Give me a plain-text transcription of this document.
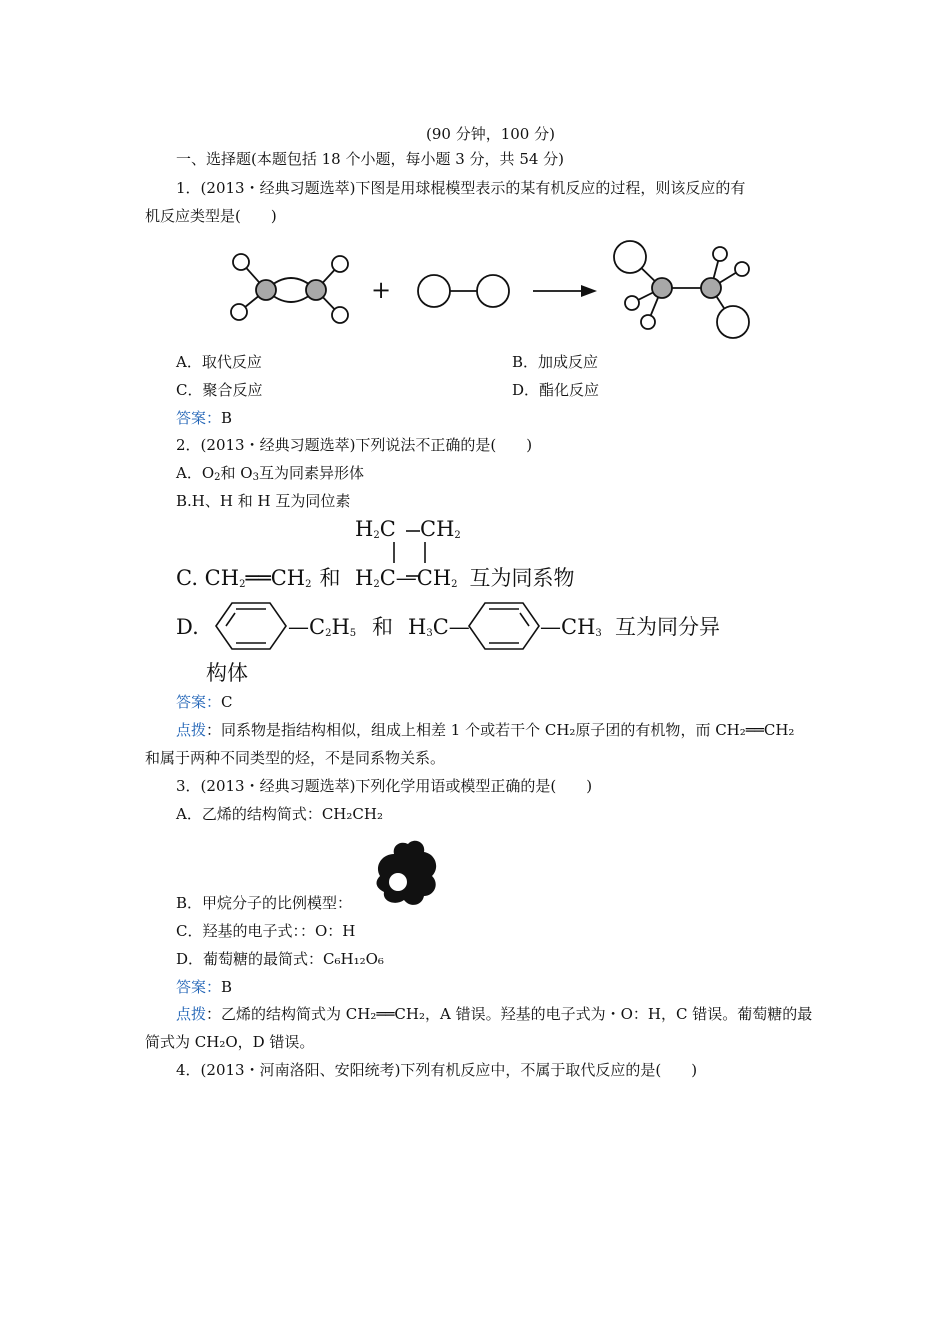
(90 分钟，100 分)
一、选择题(本题包括 18 个小题，每小题 3 分，共 54 分)
1．(2013・经典习题选萃)下图是用球棍模型表示的某有机反应的过程，则该反应的有
机反应类型是(　　)
+
A．取代反应	B．加成反应
C．聚合反应	D．酯化反应
答案：B
2．(2013・经典习题选萃)下列说法不正确的是(　　)
A．$O_2$和 $O_3$互为同素异形体
B.H、H 和 H 互为同位素
$H_2C$ $CH_2$
C. $CH_2══CH_2$ 和 $H_2C—CH_2$ 互为同系物
D.	$—C_2H_5$ 和 $H_3C—$	$—CH_3$ 互为同分异
构体
答案：C
点拨：同系物是指结构相似，组成上相差 1 个或若干个 CH₂原子团的有机物，而 CH₂══CH₂
和属于两种不同类型的烃，不是同系物关系。
3．(2013・经典习题选萃)下列化学用语或模型正确的是(　　)
A．乙烯的结构简式：CH₂CH₂
B．甲烷分子的比例模型：
C．羟基的电子式：：O：H
D．葡萄糖的最简式：C₆H₁₂O₆
答案：B
点拨：乙烯的结构简式为 CH₂══CH₂，A 错误。羟基的电子式为・O：H，C 错误。葡萄糖的最
简式为 CH₂O，D 错误。
4．(2013・河南洛阳、安阳统考)下列有机反应中，不属于取代反应的是(　　)
